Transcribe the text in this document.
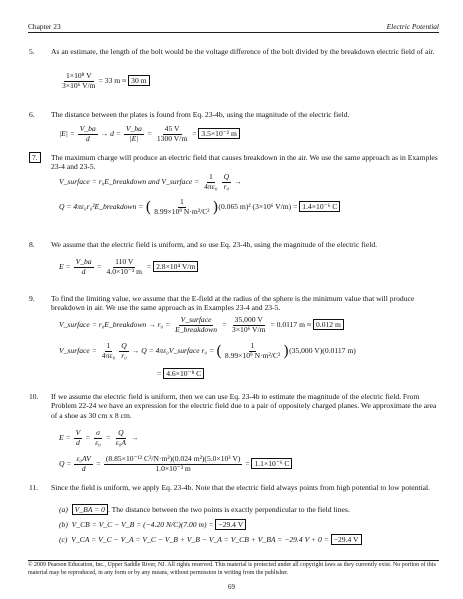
Chapter 23	Electric Potential
5.	As an estimate, the length of the bolt would be the voltage difference of the bolt divided by the breakdown electric field of air.
$\frac{\text{1×10⁸ V}}{\text{3×10⁶ V/m}} = 33$ m ≈ 30 m
6.	The distance between the plates is found from Eq. 23-4b, using the magnitude of the electric field.
$|E| = \frac{V\_ba}{d} \to d = \frac{V\_ba}{|E|} = \frac{45 V}{1300 V/m} = 3.5\times 10^{-2}$ m
7.	The maximum charge will produce an electric field that causes breakdown in the air. We use the same approach as in Examples 23-4 and 23-5.
V_surface = r₀E_breakdown and V_surface = $\frac{1}{\text{4πε₀}} \frac{Q}{\text{r₀}}$ →
Q = 4πε₀r₀²E_breakdown = ( $\frac{1}{\text{8.99×10⁹ N·m²/C²}} )(0.065$ m)² (3×10⁶ V/m) = 1.4×10⁻⁶ C
8.	We assume that the electric field is uniform, and so use Eq. 23-4b, using the magnitude of the electric field.
$E = \frac{V\_ba}{d} = \frac{110 V}{\text{4.0×10⁻³ m}} = 2.8\times 10^4$ V/m
9.	To find the limiting value, we assume that the E-field at the radius of the sphere is the minimum value that will produce breakdown in air. We use the same approach as in Examples 23-4 and 23-5.
V_surface = r₀E_breakdown → $r_0 = \frac{\text{V\_surface}}{\text{E\_breakdown}} = \frac{35,000 V}{\text{3×10⁶ V/m}} = 0.0117$ m ≈ 0.012 m
V_surface = $\frac{1}{\text{4πε₀}} \frac{Q}{\text{r₀}} \to Q$ = 4πε₀V_surface r₀ = ( $\frac{1}{\text{8.99×10⁹ N·m²/C²}} )(35,000$ V)(0.0117 m)
= 4.6×10⁻⁸ C
10.	If we assume the electric field is uniform, then we can use Eq. 23-4b to estimate the magnitude of the electric field. From Problem 22-24 we have an expression for the electric field due to a pair of oppositely charged planes. We approximate the area of a shoe as 30 cm x 8 cm.
$E = \frac{V}{d} = \frac{\sigma}{\text{ε₀}} = \frac{Q}{\text{ε₀A}}$ →
$Q = \frac{\text{ε₀AV}}{d} = \frac{\text{(8.85×10⁻¹² C²/N·m²)(0.024 m²)(5.0×10³ V)}}{\text{1.0×10⁻³ m}} = 1.1\times 10^{-6}$ C
11.	Since the field is uniform, we apply Eq. 23-4b. Note that the electric field always points from high potential to low potential.
(a) V_BA = 0 . The distance between the two points is exactly perpendicular to the field lines.
(b) V_CB = V_C − V_B = (−4.20 N/C)(7.00 m) = −29.4 V
(c) V_CA = V_C − V_A = V_C − V_B + V_B − V_A = V_CB + V_BA = −29.4 V + 0 = −29.4 V
© 2009 Pearson Education, Inc., Upper Saddle River, NJ. All rights reserved. This material is protected under all copyright laws as they currently exist. No portion of this material may be reproduced, in any form or by any means, without permission in writing from the publisher.
69
